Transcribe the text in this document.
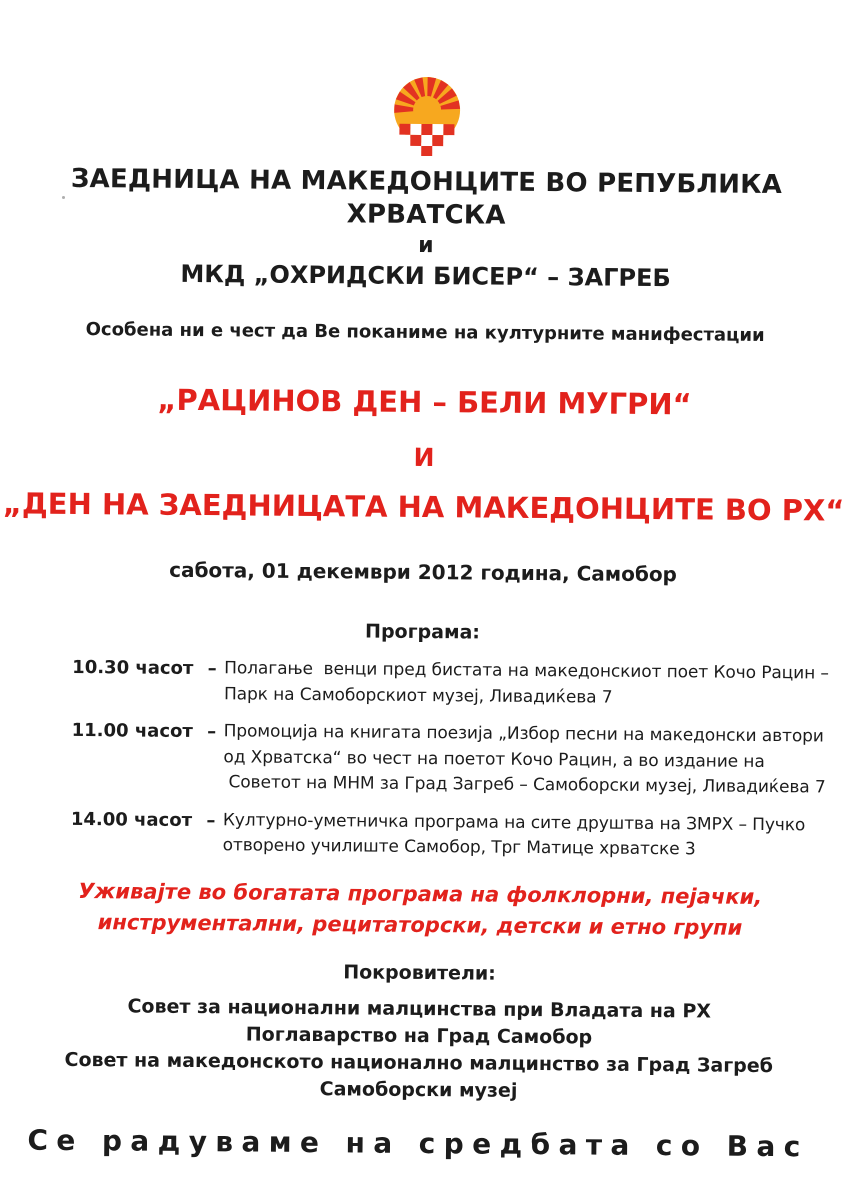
ЗАЕДНИЦА НА МАКЕДОНЦИТЕ ВО РЕПУБЛИКА ХРВАТСКА
и
МКД „ОХРИДСКИ БИСЕР“ – ЗАГРЕБ

Особена ни е чест да Ве поканиме на културните манифестации

„РАЦИНОВ ДЕН – БЕЛИ МУГРИ“
И
„ДЕН НА ЗАЕДНИЦАТА НА МАКЕДОНЦИТЕ ВО РХ“

сабота, 01 декември 2012 година, Самобор

Програма:

10.30 часот – Полагање  венци пред бистата на македонскиот поет Кочо Рацин –
Парк на Самоборскиот музеј, Ливадиќева 7
11.00 часот – Промоција на книгата поезија „Избор песни на македонски автори
од Хрватска“ во чест на поетот Кочо Рацин, а во издание на
Советот на МНМ за Град Загреб – Самоборски музеј, Ливадиќева 7
14.00 часот – Културно-уметничка програма на сите друштва на ЗМРХ – Пучко
отворено училиште Самобор, Трг Матице хрватске 3

Уживајте во богатата програма на фолклорни, пејачки,
инструментални, рецитаторски, детски и етно групи

Покровители:

Совет за национални малцинства при Владата на РХ
Поглаварство на Град Самобор
Совет на македонското национално малцинство за Град Загреб
Самоборски музеј

Се радуваме на средбата со Вас
